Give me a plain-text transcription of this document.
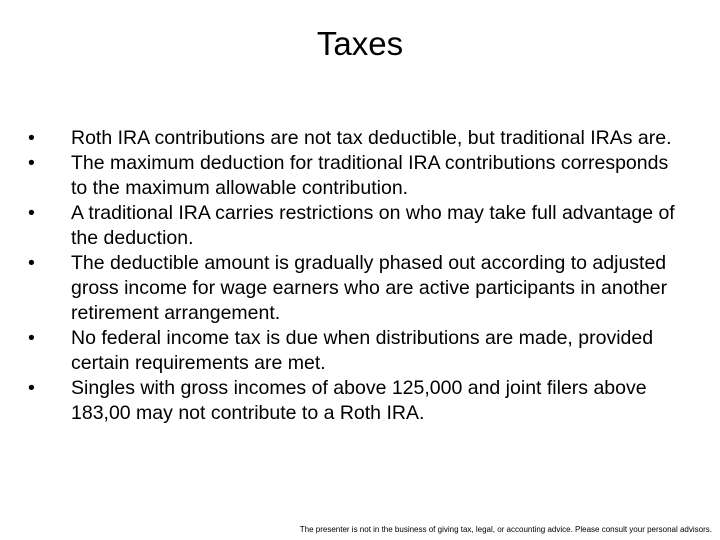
Taxes
•	Roth IRA contributions are not tax deductible, but traditional IRAs are.
•	The maximum deduction for traditional IRA contributions corresponds to the maximum allowable contribution.
•	A traditional IRA carries restrictions on who may take full advantage of the deduction.
•	The deductible amount is gradually phased out according to adjusted gross income for wage earners who are active participants in another retirement arrangement.
•	No federal income tax is due when distributions are made, provided certain requirements are met.
•	Singles with gross incomes of above 125,000 and joint filers above 183,00 may not contribute to a Roth IRA.
The presenter is not in the business of giving tax, legal, or accounting advice. Please consult your personal advisors.
